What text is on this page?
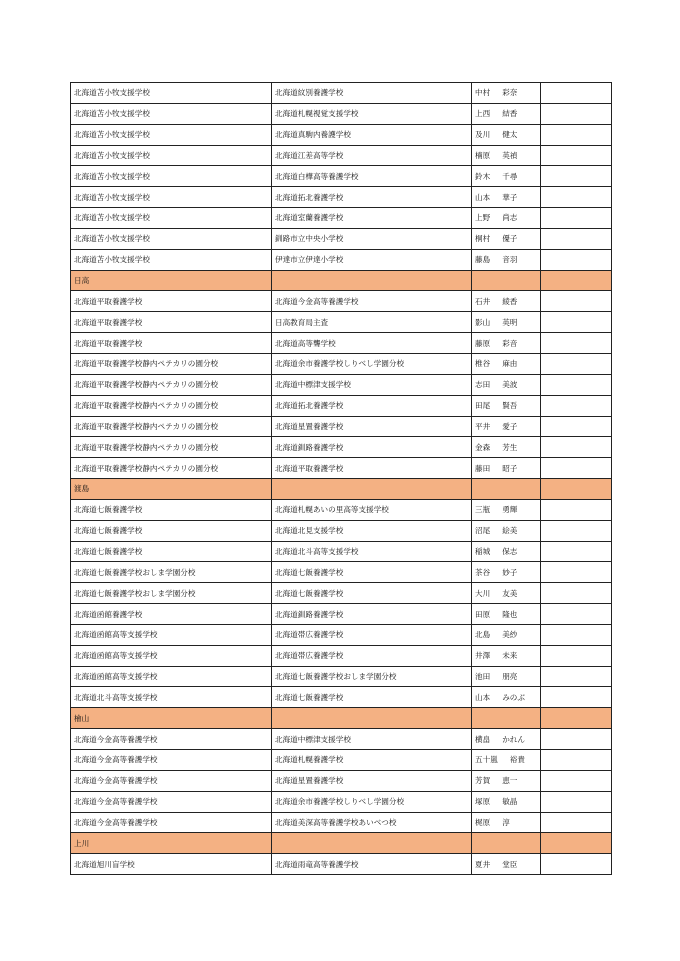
北海道苫小牧支援学校	北海道紋別養護学校	中村 彩奈	
北海道苫小牧支援学校	北海道札幌視覚支援学校	上西 結香	
北海道苫小牧支援学校	北海道真駒内養護学校	及川 健太	
北海道苫小牧支援学校	北海道江差高等学校	楠原 英禎	
北海道苫小牧支援学校	北海道白樺高等養護学校	鈴木 千尋	
北海道苫小牧支援学校	北海道拓北養護学校	山本 華子	
北海道苫小牧支援学校	北海道室蘭養護学校	上野 尚志	
北海道苫小牧支援学校	釧路市立中央小学校	桐村 優子	
北海道苫小牧支援学校	伊達市立伊達小学校	藤島 音羽	
日高			
北海道平取養護学校	北海道今金高等養護学校	石井 綾香	
北海道平取養護学校	日高教育局主査	影山 英明	
北海道平取養護学校	北海道高等聾学校	藤原 彩音	
北海道平取養護学校静内ペテカリの園分校	北海道余市養護学校しりべし学園分校	椎谷 麻由	
北海道平取養護学校静内ペテカリの園分校	北海道中標津支援学校	志田 美波	
北海道平取養護学校静内ペテカリの園分校	北海道拓北養護学校	田尾 賢吾	
北海道平取養護学校静内ペテカリの園分校	北海道星置養護学校	平井 愛子	
北海道平取養護学校静内ペテカリの園分校	北海道釧路養護学校	金森 芳生	
北海道平取養護学校静内ペテカリの園分校	北海道平取養護学校	藤田 昭子	
渡島			
北海道七飯養護学校	北海道札幌あいの里高等支援学校	三瓶 勇輝	
北海道七飯養護学校	北海道北見支援学校	沼尾 絵美	
北海道七飯養護学校	北海道北斗高等支援学校	稲城 保志	
北海道七飯養護学校おしま学園分校	北海道七飯養護学校	茶谷 妙子	
北海道七飯養護学校おしま学園分校	北海道七飯養護学校	大川 友美	
北海道函館養護学校	北海道釧路養護学校	田原 隆也	
北海道函館高等支援学校	北海道帯広養護学校	北島 美紗	
北海道函館高等支援学校	北海道帯広養護学校	井澤 未来	
北海道函館高等支援学校	北海道七飯養護学校おしま学園分校	池田 朋亮	
北海道北斗高等支援学校	北海道七飯養護学校	山本 みのぶ	
檜山			
北海道今金高等養護学校	北海道中標津支援学校	横畠 かれん	
北海道今金高等養護学校	北海道札幌養護学校	五十嵐 裕貴	
北海道今金高等養護学校	北海道星置養護学校	芳賀 恵一	
北海道今金高等養護学校	北海道余市養護学校しりべし学園分校	塚原 敏晶	
北海道今金高等養護学校	北海道美深高等養護学校あいべつ校	梶原 淳	
上川			
北海道旭川盲学校	北海道雨竜高等養護学校	夏井 堂臣	
